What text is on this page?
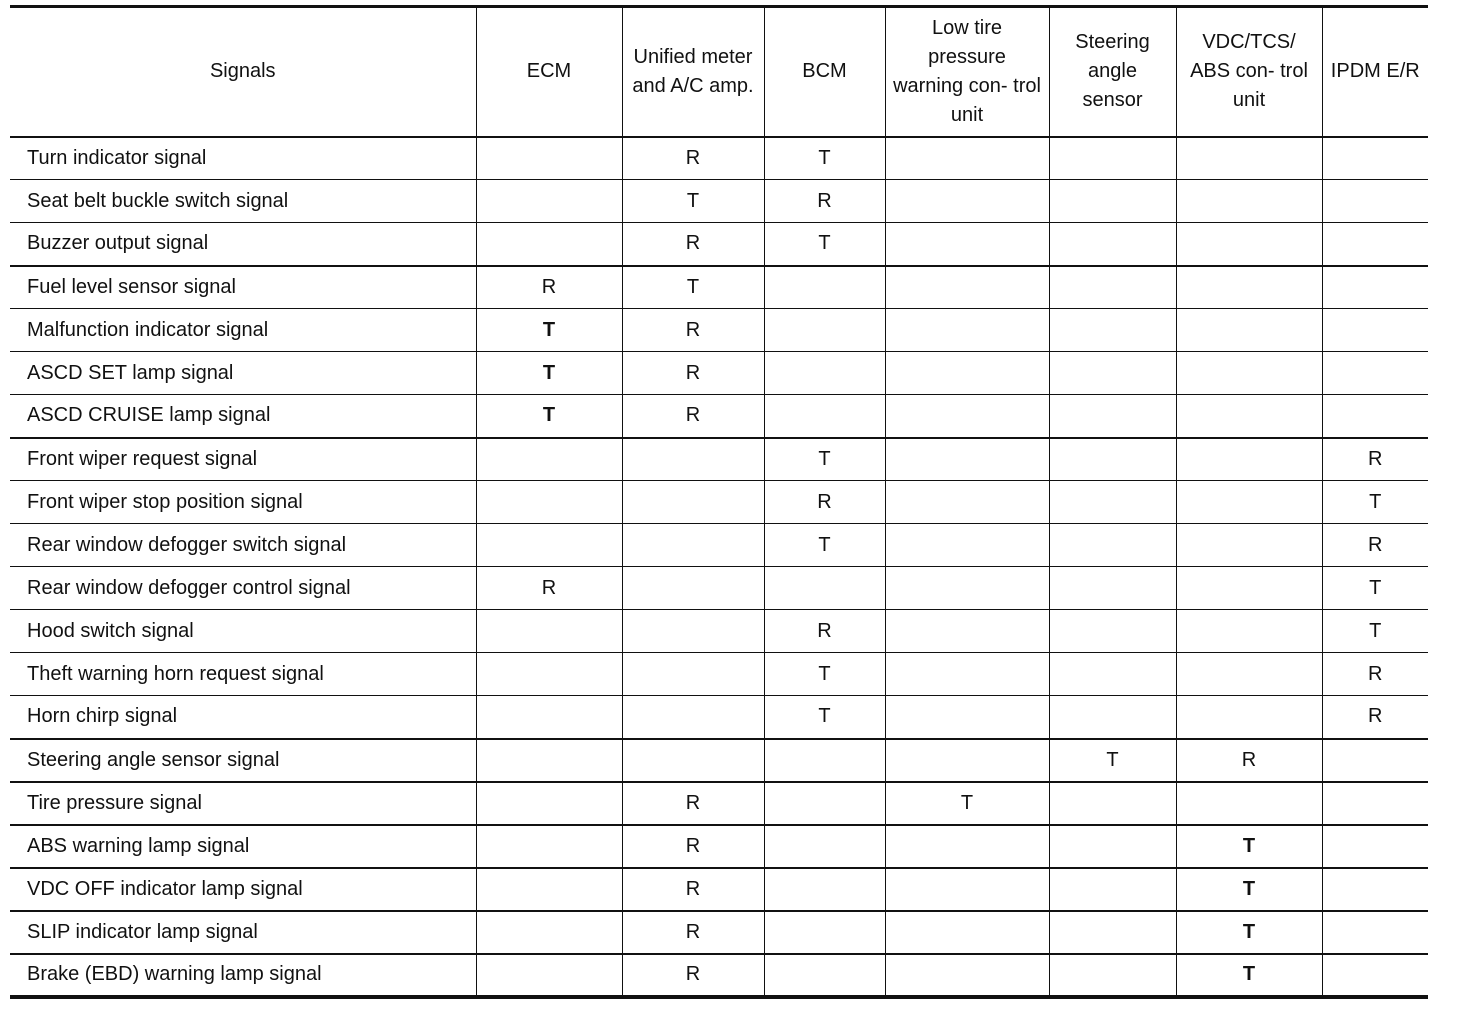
Signals	ECM	Unified meter and A/C amp.	BCM	Low tire pressure warning con- trol unit	Steering angle sensor	VDC/TCS/ ABS con- trol unit	IPDM E/R
Turn indicator signal		R	T				
Seat belt buckle switch signal		T	R				
Buzzer output signal		R	T				
Fuel level sensor signal	R	T					
Malfunction indicator signal	T	R					
ASCD SET lamp signal	T	R					
ASCD CRUISE lamp signal	T	R					
Front wiper request signal			T				R
Front wiper stop position signal			R				T
Rear window defogger switch signal			T				R
Rear window defogger control signal	R						T
Hood switch signal			R				T
Theft warning horn request signal			T				R
Horn chirp signal			T				R
Steering angle sensor signal					T	R	
Tire pressure signal		R		T			
ABS warning lamp signal		R				T	
VDC OFF indicator lamp signal		R				T	
SLIP indicator lamp signal		R				T	
Brake (EBD) warning lamp signal		R				T	
